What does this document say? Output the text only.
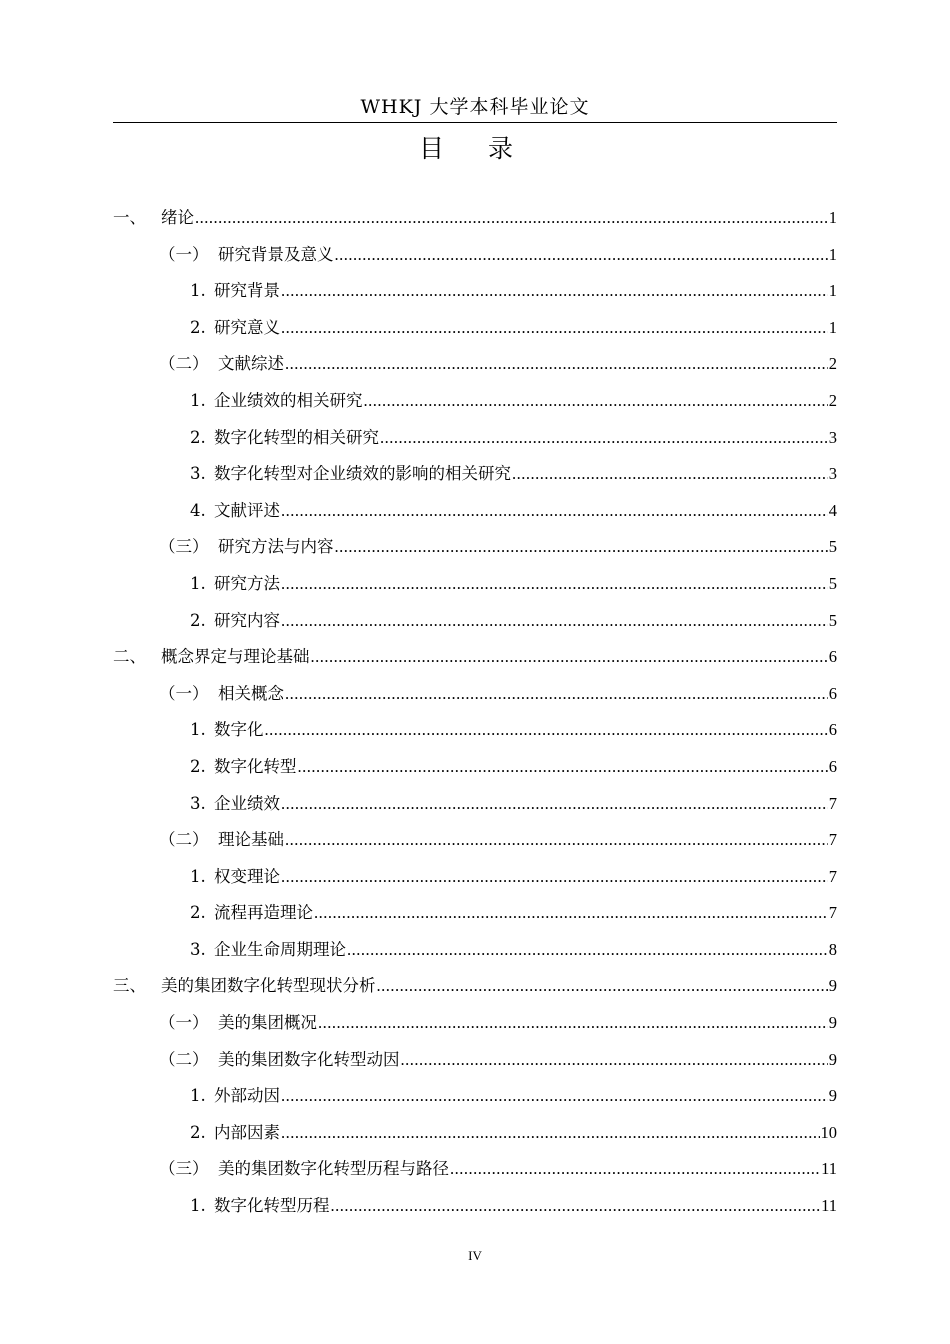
WHKJ 大学本科毕业论文
目 录
一、 绪论 .....	1
（一） 研究背景及意义 .....	1
1. 研究背景 .....	1
2. 研究意义 .....	1
（二） 文献综述 .....	2
1. 企业绩效的相关研究 .....	2
2. 数字化转型的相关研究 .....	3
3. 数字化转型对企业绩效的影响的相关研究 .....	3
4. 文献评述 .....	4
（三） 研究方法与内容 .....	5
1. 研究方法 .....	5
2. 研究内容 .....	5
二、 概念界定与理论基础 .....	6
（一） 相关概念 .....	6
1. 数字化 .....	6
2. 数字化转型 .....	6
3. 企业绩效 .....	7
（二） 理论基础 .....	7
1. 权变理论 .....	7
2. 流程再造理论 .....	7
3. 企业生命周期理论 .....	8
三、 美的集团数字化转型现状分析 .....	9
（一） 美的集团概况 .....	9
（二） 美的集团数字化转型动因 .....	9
1. 外部动因 .....	9
2. 内部因素 .....	10
（三） 美的集团数字化转型历程与路径 .....	11
1. 数字化转型历程 .....	11
IV
